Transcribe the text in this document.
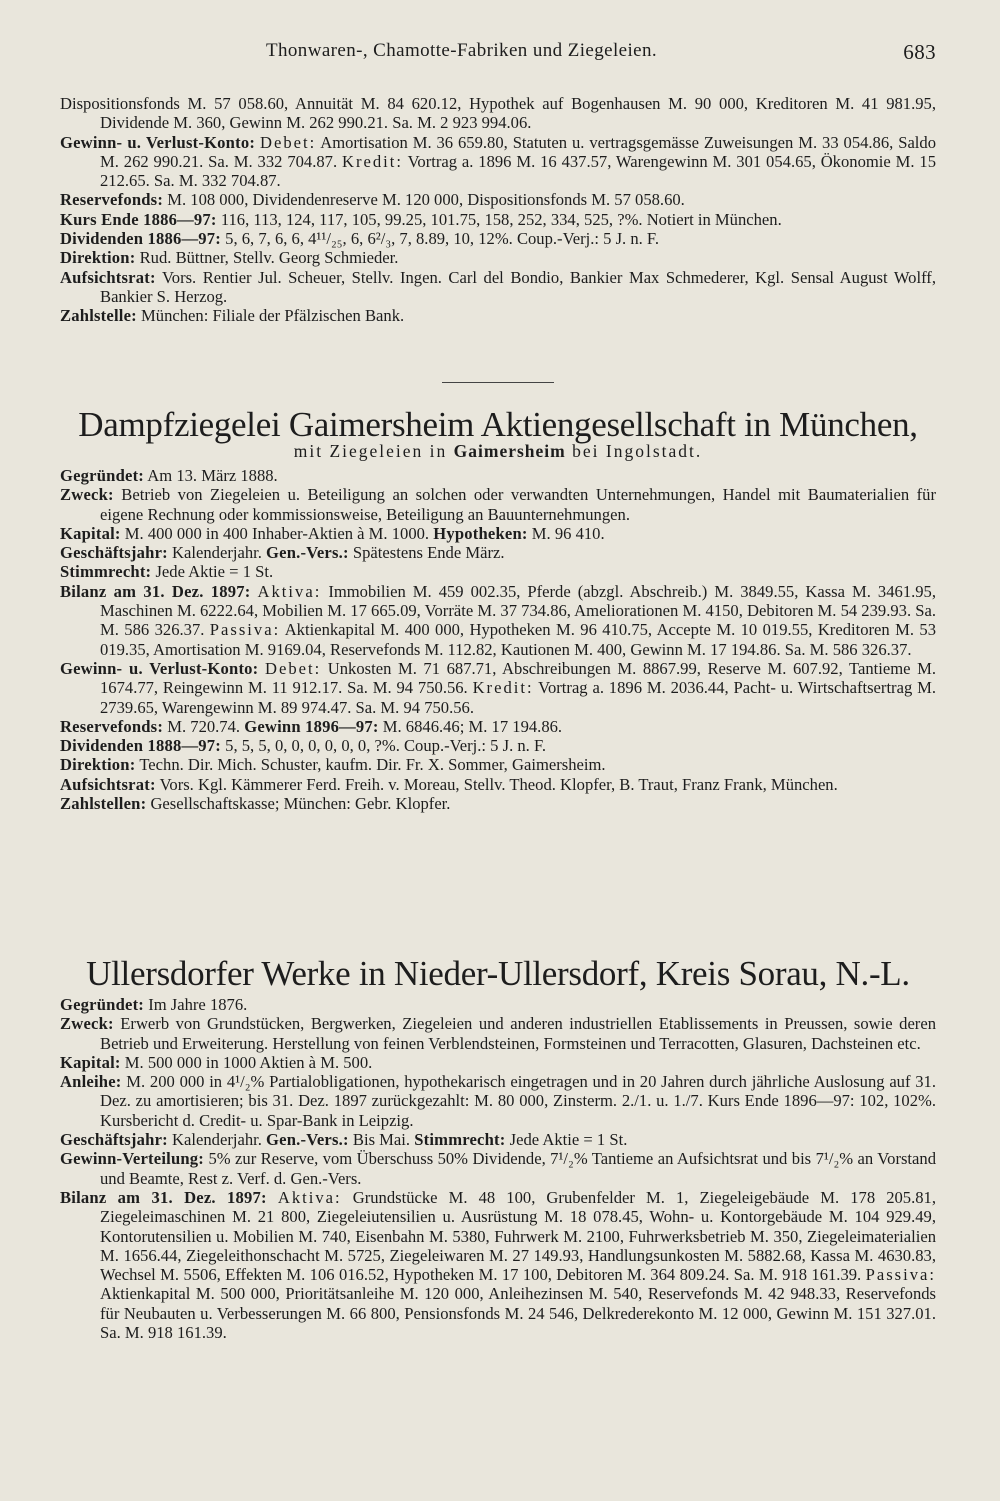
Thonwaren-, Chamotte-Fabriken und Ziegeleien.	683

Dispositionsfonds M. 57 058.60, Annuität M. 84 620.12, Hypothek auf Bogenhausen M. 90 000, Kreditoren M. 41 981.95, Dividende M. 360, Gewinn M. 262 990.21. Sa. M. 2 923 994.06.

Gewinn- u. Verlust-Konto: Debet: Amortisation M. 36 659.80, Statuten u. vertragsgemässe Zuweisungen M. 33 054.86, Saldo M. 262 990.21. Sa. M. 332 704.87. Kredit: Vortrag a. 1896 M. 16 437.57, Warengewinn M. 301 054.65, Ökonomie M. 15 212.65. Sa. M. 332 704.87.

Reservefonds: M. 108 000, Dividendenreserve M. 120 000, Dispositionsfonds M. 57 058.60.

Kurs Ende 1886—97: 116, 113, 124, 117, 105, 99.25, 101.75, 158, 252, 334, 525, ?%. Notiert in München.

Dividenden 1886—97: 5, 6, 7, 6, 6, 4¹¹/₂₅, 6, 6²/₃, 7, 8.89, 10, 12%. Coup.-Verj.: 5 J. n. F.

Direktion: Rud. Büttner, Stellv. Georg Schmieder.

Aufsichtsrat: Vors. Rentier Jul. Scheuer, Stellv. Ingen. Carl del Bondio, Bankier Max Schmederer, Kgl. Sensal August Wolff, Bankier S. Herzog.

Zahlstelle: München: Filiale der Pfälzischen Bank.

Dampfziegelei Gaimersheim Aktiengesellschaft in München,
mit Ziegeleien in Gaimersheim bei Ingolstadt.

Gegründet: Am 13. März 1888.

Zweck: Betrieb von Ziegeleien u. Beteiligung an solchen oder verwandten Unternehmungen, Handel mit Baumaterialien für eigene Rechnung oder kommissionsweise, Beteiligung an Bauunternehmungen.

Kapital: M. 400 000 in 400 Inhaber-Aktien à M. 1000. Hypotheken: M. 96 410.

Geschäftsjahr: Kalenderjahr. Gen.-Vers.: Spätestens Ende März.

Stimmrecht: Jede Aktie = 1 St.

Bilanz am 31. Dez. 1897: Aktiva: Immobilien M. 459 002.35, Pferde (abzgl. Abschreib.) M. 3849.55, Kassa M. 3461.95, Maschinen M. 6222.64, Mobilien M. 17 665.09, Vorräte M. 37 734.86, Ameliorationen M. 4150, Debitoren M. 54 239.93. Sa. M. 586 326.37. Passiva: Aktienkapital M. 400 000, Hypotheken M. 96 410.75, Accepte M. 10 019.55, Kreditoren M. 53 019.35, Amortisation M. 9169.04, Reservefonds M. 112.82, Kautionen M. 400, Gewinn M. 17 194.86. Sa. M. 586 326.37.

Gewinn- u. Verlust-Konto: Debet: Unkosten M. 71 687.71, Abschreibungen M. 8867.99, Reserve M. 607.92, Tantieme M. 1674.77, Reingewinn M. 11 912.17. Sa. M. 94 750.56. Kredit: Vortrag a. 1896 M. 2036.44, Pacht- u. Wirtschaftsertrag M. 2739.65, Warengewinn M. 89 974.47. Sa. M. 94 750.56.

Reservefonds: M. 720.74. Gewinn 1896—97: M. 6846.46; M. 17 194.86.

Dividenden 1888—97: 5, 5, 5, 0, 0, 0, 0, 0, 0, ?%. Coup.-Verj.: 5 J. n. F.

Direktion: Techn. Dir. Mich. Schuster, kaufm. Dir. Fr. X. Sommer, Gaimersheim.

Aufsichtsrat: Vors. Kgl. Kämmerer Ferd. Freih. v. Moreau, Stellv. Theod. Klopfer, B. Traut, Franz Frank, München.

Zahlstellen: Gesellschaftskasse; München: Gebr. Klopfer.

Ullersdorfer Werke in Nieder-Ullersdorf, Kreis Sorau, N.-L.

Gegründet: Im Jahre 1876.

Zweck: Erwerb von Grundstücken, Bergwerken, Ziegeleien und anderen industriellen Etablissements in Preussen, sowie deren Betrieb und Erweiterung. Herstellung von feinen Verblendsteinen, Formsteinen und Terracotten, Glasuren, Dachsteinen etc.

Kapital: M. 500 000 in 1000 Aktien à M. 500.

Anleihe: M. 200 000 in 4¹/₂% Partialobligationen, hypothekarisch eingetragen und in 20 Jahren durch jährliche Auslosung auf 31. Dez. zu amortisieren; bis 31. Dez. 1897 zurückgezahlt: M. 80 000, Zinsterm. 2./1. u. 1./7. Kurs Ende 1896—97: 102, 102%. Kursbericht d. Credit- u. Spar-Bank in Leipzig.

Geschäftsjahr: Kalenderjahr. Gen.-Vers.: Bis Mai. Stimmrecht: Jede Aktie = 1 St.

Gewinn-Verteilung: 5% zur Reserve, vom Überschuss 50% Dividende, 7¹/₂% Tantieme an Aufsichtsrat und bis 7¹/₂% an Vorstand und Beamte, Rest z. Verf. d. Gen.-Vers.

Bilanz am 31. Dez. 1897: Aktiva: Grundstücke M. 48 100, Grubenfelder M. 1, Ziegeleigebäude M. 178 205.81, Ziegeleimaschinen M. 21 800, Ziegeleiutensilien u. Ausrüstung M. 18 078.45, Wohn- u. Kontorgebäude M. 104 929.49, Kontorutensilien u. Mobilien M. 740, Eisenbahn M. 5380, Fuhrwerk M. 2100, Fuhrwerksbetrieb M. 350, Ziegeleimaterialien M. 1656.44, Ziegeleithonschacht M. 5725, Ziegeleiwaren M. 27 149.93, Handlungsunkosten M. 5882.68, Kassa M. 4630.83, Wechsel M. 5506, Effekten M. 106 016.52, Hypotheken M. 17 100, Debitoren M. 364 809.24. Sa. M. 918 161.39. Passiva: Aktienkapital M. 500 000, Prioritätsanleihe M. 120 000, Anleihezinsen M. 540, Reservefonds M. 42 948.33, Reservefonds für Neubauten u. Verbesserungen M. 66 800, Pensionsfonds M. 24 546, Delkrederekonto M. 12 000, Gewinn M. 151 327.01. Sa. M. 918 161.39.
